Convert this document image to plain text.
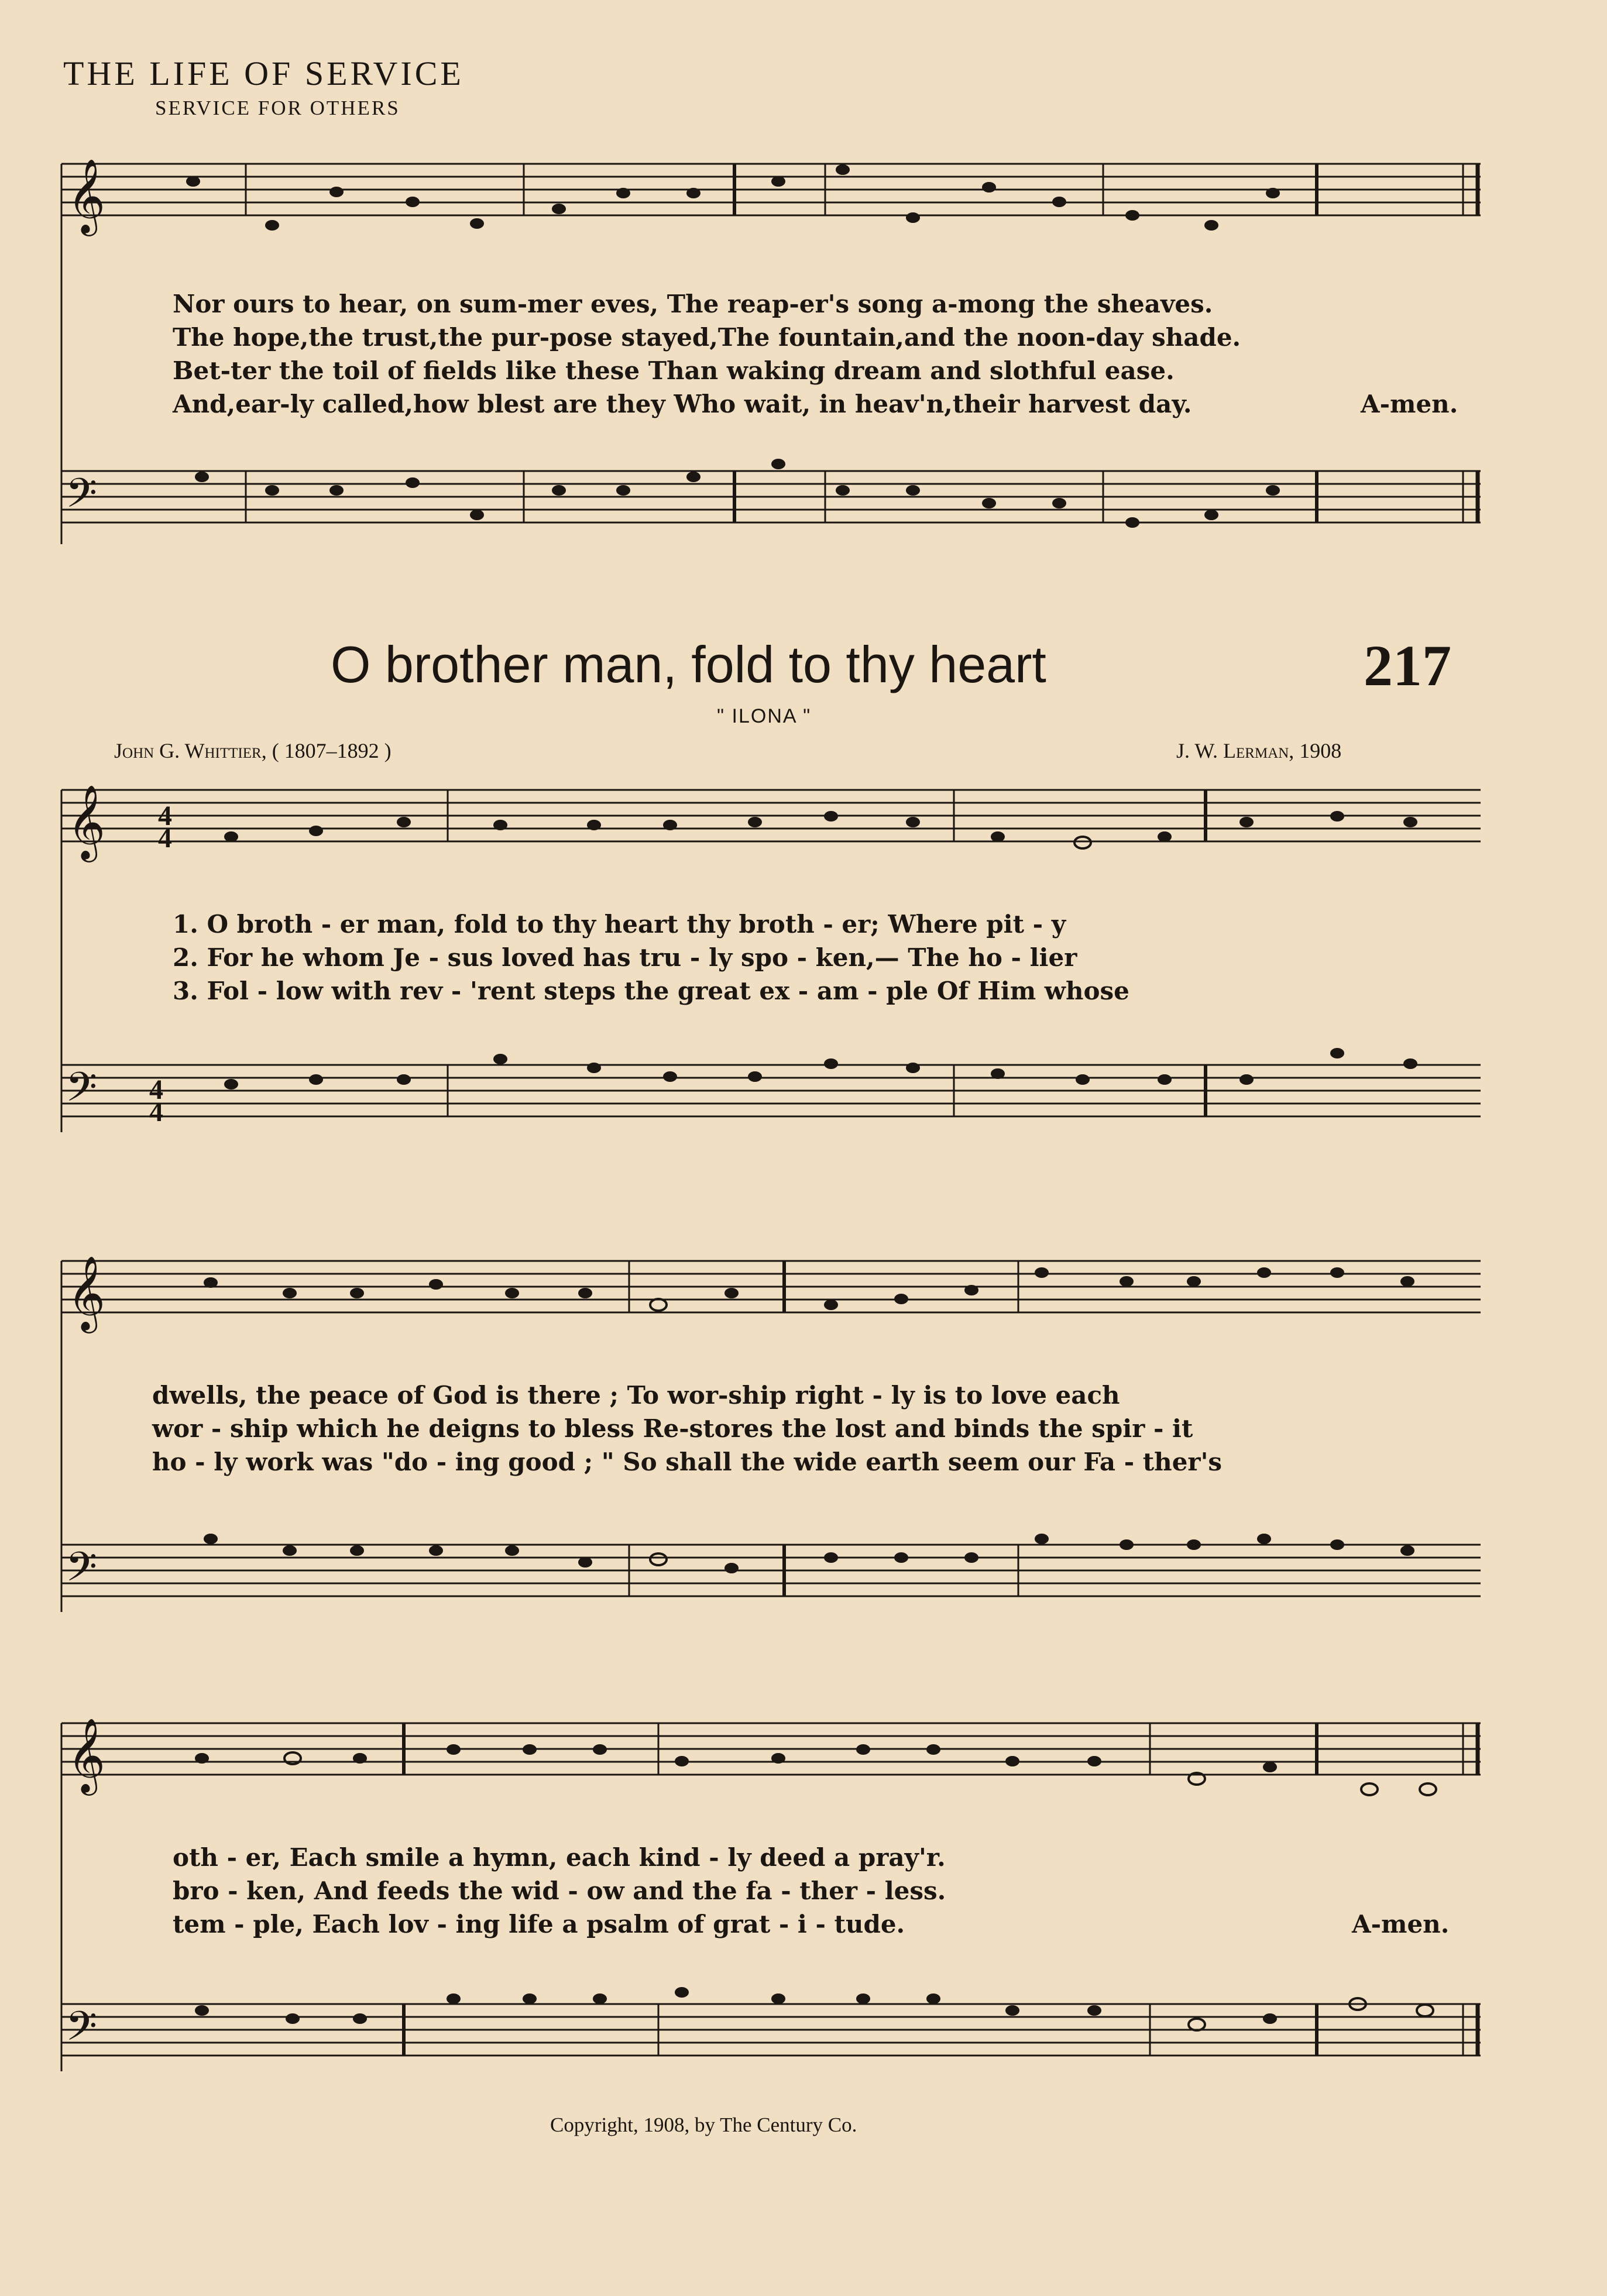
THE LIFE OF SERVICE
SERVICE FOR OTHERS
𝄞
𝄢
Nor ours to hear, on sum-mer eves, The reap-er's song a-mong the sheaves.
The hope,the trust,the pur-pose stayed,The fountain,and the noon-day shade.
Bet-ter the toil of fields like these Than waking dream and slothful ease.
And,ear-ly called,how blest are they Who wait, in heav'n,their harvest day.	A-men.
O brother man, fold to thy heart	217
" ILONA "
John G. Whittier, ( 1807–1892 )	J. W. Lerman, 1908
𝄞
𝄢
4
4
4
4
1. O broth - er man, fold to thy heart thy broth - er; Where pit - y
2. For he whom Je - sus loved has tru - ly spo - ken,— The ho - lier
3. Fol - low with rev - 'rent steps the great ex - am - ple Of Him whose
𝄞
𝄢
dwells, the peace of God is there ; To wor-ship right - ly is to love each
wor - ship which he deigns to bless Re-stores the lost and binds the spir - it
ho - ly work was "do - ing good ; " So shall the wide earth seem our Fa - ther's
𝄞
𝄢
oth - er, Each smile a hymn, each kind - ly deed a pray'r.
bro - ken, And feeds the wid - ow and the fa - ther - less.
tem - ple, Each lov - ing life a psalm of grat - i - tude.	A-men.
Copyright, 1908, by The Century Co.
